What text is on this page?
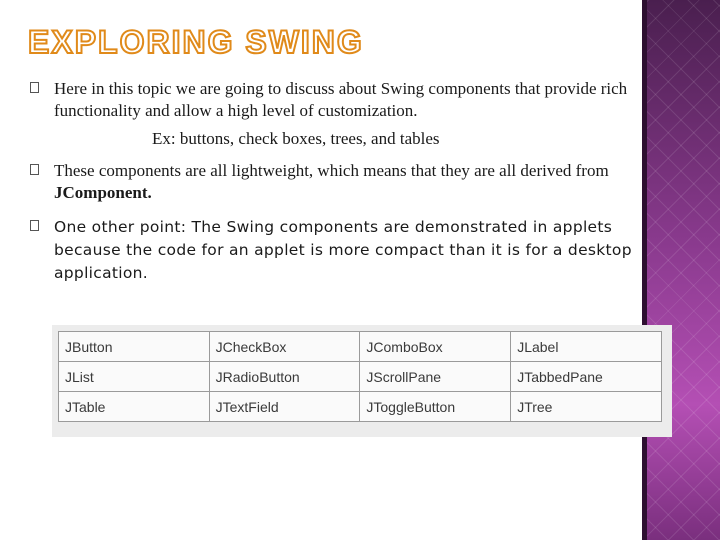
EXPLORING SWING
Here in this topic we are going to discuss about Swing components that provide rich functionality and allow a high level of customization.
Ex: buttons, check boxes, trees, and tables
These components are all lightweight, which means that they are all derived from JComponent.
One other point: The Swing components are demonstrated in applets because the code for an applet is more compact than it is for a desktop application.
JButton	JCheckBox	JComboBox	JLabel
JList	JRadioButton	JScrollPane	JTabbedPane
JTable	JTextField	JToggleButton	JTree
